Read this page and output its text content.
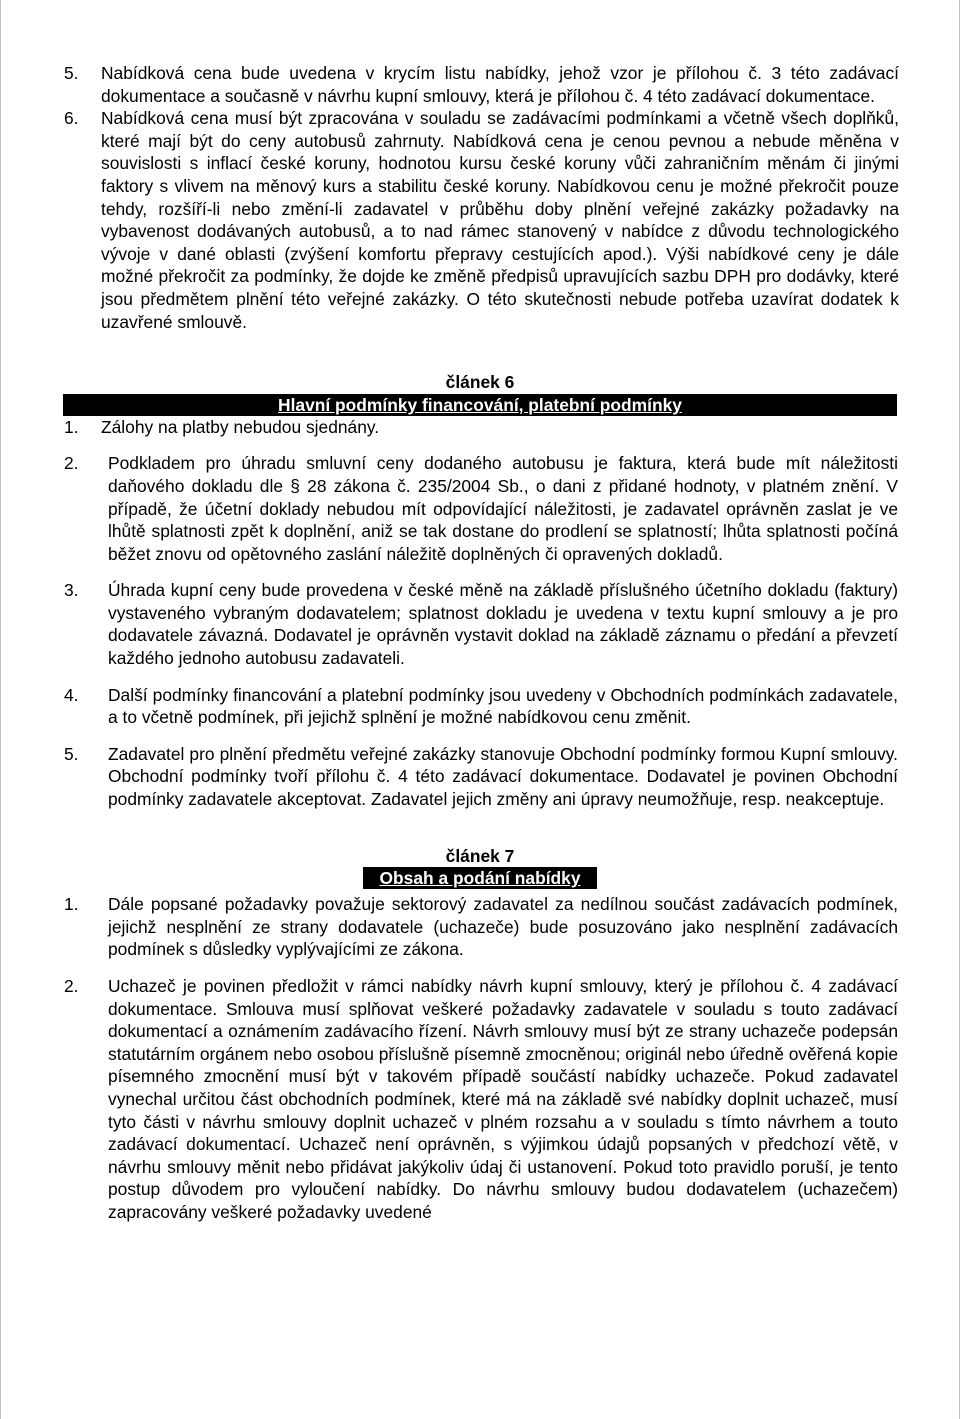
5. Nabídková cena bude uvedena v krycím listu nabídky, jehož vzor je přílohou č. 3 této zadávací dokumentace a současně v návrhu kupní smlouvy, která je přílohou č. 4 této zadávací dokumentace.
6. Nabídková cena musí být zpracována v souladu se zadávacími podmínkami a včetně všech doplňků, které mají být do ceny autobusů zahrnuty. Nabídková cena je cenou pevnou a nebude měněna v souvislosti s inflací české koruny, hodnotou kursu české koruny vůči zahraničním měnám či jinými faktory s vlivem na měnový kurs a stabilitu české koruny. Nabídkovou cenu je možné překročit pouze tehdy, rozšíří-li nebo změní-li zadavatel v průběhu doby plnění veřejné zakázky požadavky na vybavenost dodávaných autobusů, a to nad rámec stanovený v nabídce z důvodu technologického vývoje v dané oblasti (zvýšení komfortu přepravy cestujících apod.). Výši nabídkové ceny je dále možné překročit za podmínky, že dojde ke změně předpisů upravujících sazbu DPH pro dodávky, které jsou předmětem plnění této veřejné zakázky. O této skutečnosti nebude potřeba uzavírat dodatek k uzavřené smlouvě.
článek 6
Hlavní podmínky financování, platební podmínky
1. Zálohy na platby nebudou sjednány.
2. Podkladem pro úhradu smluvní ceny dodaného autobusu je faktura, která bude mít náležitosti daňového dokladu dle § 28 zákona č. 235/2004 Sb., o dani z přidané hodnoty, v platném znění. V případě, že účetní doklady nebudou mít odpovídající náležitosti, je zadavatel oprávněn zaslat je ve lhůtě splatnosti zpět k doplnění, aniž se tak dostane do prodlení se splatností; lhůta splatnosti počíná běžet znovu od opětovného zaslání náležitě doplněných či opravených dokladů.
3. Úhrada kupní ceny bude provedena v české měně na základě příslušného účetního dokladu (faktury) vystaveného vybraným dodavatelem; splatnost dokladu je uvedena v textu kupní smlouvy a je pro dodavatele závazná. Dodavatel je oprávněn vystavit doklad na základě záznamu o předání a převzetí každého jednoho autobusu zadavateli.
4. Další podmínky financování a platební podmínky jsou uvedeny v Obchodních podmínkách zadavatele, a to včetně podmínek, při jejichž splnění je možné nabídkovou cenu změnit.
5. Zadavatel pro plnění předmětu veřejné zakázky stanovuje Obchodní podmínky formou Kupní smlouvy. Obchodní podmínky tvoří přílohu č. 4 této zadávací dokumentace. Dodavatel je povinen Obchodní podmínky zadavatele akceptovat. Zadavatel jejich změny ani úpravy neumožňuje, resp. neakceptuje.
článek 7
Obsah a podání nabídky
1. Dále popsané požadavky považuje sektorový zadavatel za nedílnou součást zadávacích podmínek, jejichž nesplnění ze strany dodavatele (uchazeče) bude posuzováno jako nesplnění zadávacích podmínek s důsledky vyplývajícími ze zákona.
2. Uchazeč je povinen předložit v rámci nabídky návrh kupní smlouvy, který je přílohou č. 4 zadávací dokumentace. Smlouva musí splňovat veškeré požadavky zadavatele v souladu s touto zadávací dokumentací a oznámením zadávacího řízení. Návrh smlouvy musí být ze strany uchazeče podepsán statutárním orgánem nebo osobou příslušně písemně zmocněnou; originál nebo úředně ověřená kopie písemného zmocnění musí být v takovém případě součástí nabídky uchazeče. Pokud zadavatel vynechal určitou část obchodních podmínek, které má na základě své nabídky doplnit uchazeč, musí tyto části v návrhu smlouvy doplnit uchazeč v plném rozsahu a v souladu s tímto návrhem a touto zadávací dokumentací. Uchazeč není oprávněn, s výjimkou údajů popsaných v předchozí větě, v návrhu smlouvy měnit nebo přidávat jakýkoliv údaj či ustanovení. Pokud toto pravidlo poruší, je tento postup důvodem pro vyloučení nabídky. Do návrhu smlouvy budou dodavatelem (uchazečem) zapracovány veškeré požadavky uvedené
